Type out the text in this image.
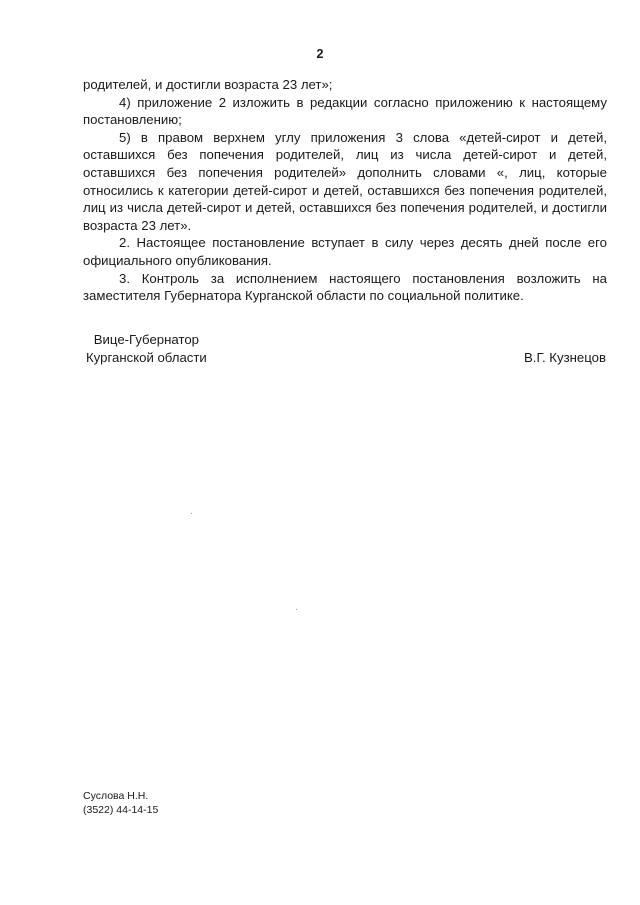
2

родителей, и достигли возраста 23 лет»;

4) приложение 2 изложить в редакции согласно приложению к настоящему постановлению;

5) в правом верхнем углу приложения 3 слова «детей-сирот и детей, оставшихся без попечения родителей, лиц из числа детей-сирот и детей, оставшихся без попечения родителей» дополнить словами «, лиц, которые относились к категории детей-сирот и детей, оставшихся без попечения родителей, лиц из числа детей-сирот и детей, оставшихся без попечения родителей, и достигли возраста 23 лет».

2. Настоящее постановление вступает в силу через десять дней после его официального опубликования.

3. Контроль за исполнением настоящего постановления возложить на заместителя Губернатора Курганской области по социальной политике.

Вице-Губернатор
Курганской области	В.Г. Кузнецов
Суслова Н.Н.
(3522) 44-14-15
